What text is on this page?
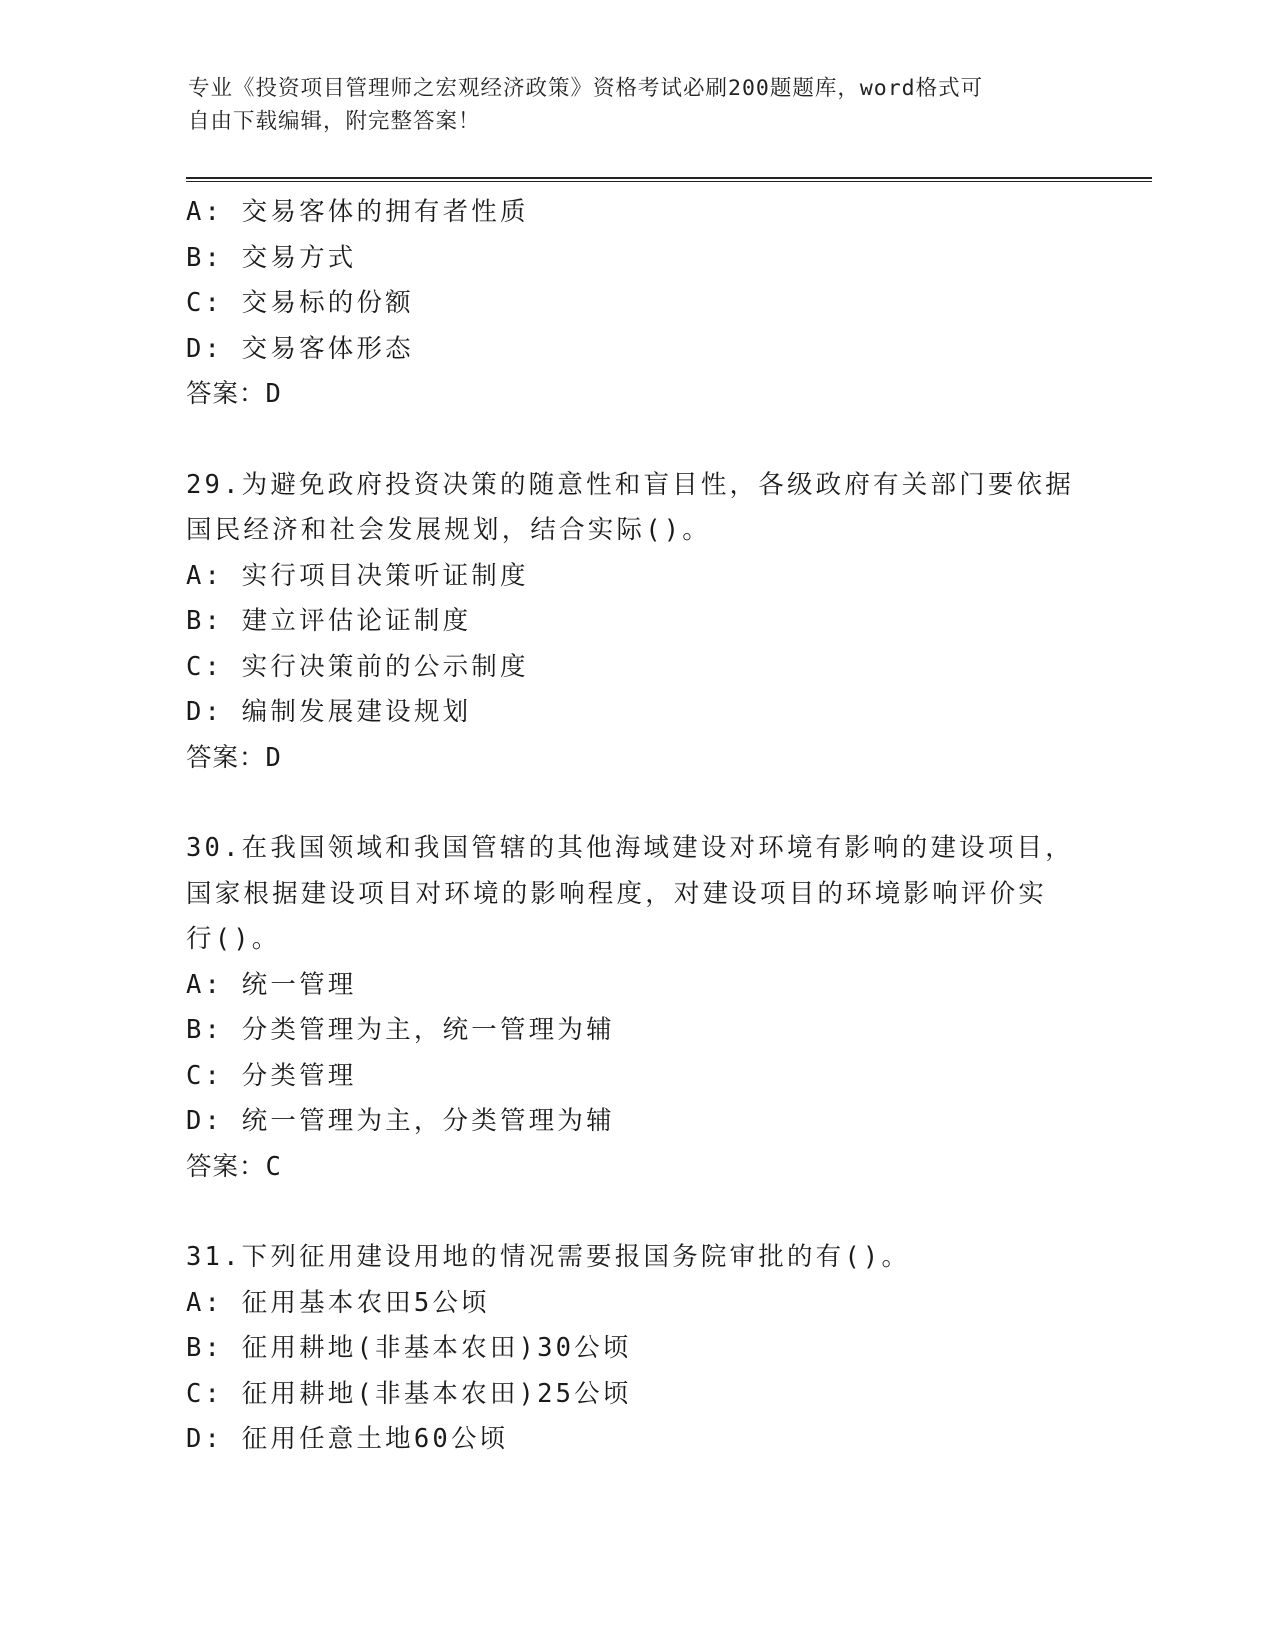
专业《投资项目管理师之宏观经济政策》资格考试必刷200题题库，word格式可
自由下载编辑，附完整答案！
A: 交易客体的拥有者性质
B: 交易方式
C: 交易标的份额
D: 交易客体形态
答案：D
29.为避免政府投资决策的随意性和盲目性，各级政府有关部门要依据
国民经济和社会发展规划，结合实际()。
A: 实行项目决策听证制度
B: 建立评估论证制度
C: 实行决策前的公示制度
D: 编制发展建设规划
答案：D
30.在我国领域和我国管辖的其他海域建设对环境有影响的建设项目，
国家根据建设项目对环境的影响程度，对建设项目的环境影响评价实
行()。
A: 统一管理
B: 分类管理为主，统一管理为辅
C: 分类管理
D: 统一管理为主，分类管理为辅
答案：C
31.下列征用建设用地的情况需要报国务院审批的有()。
A: 征用基本农田5公顷
B: 征用耕地(非基本农田)30公顷
C: 征用耕地(非基本农田)25公顷
D: 征用任意土地60公顷
